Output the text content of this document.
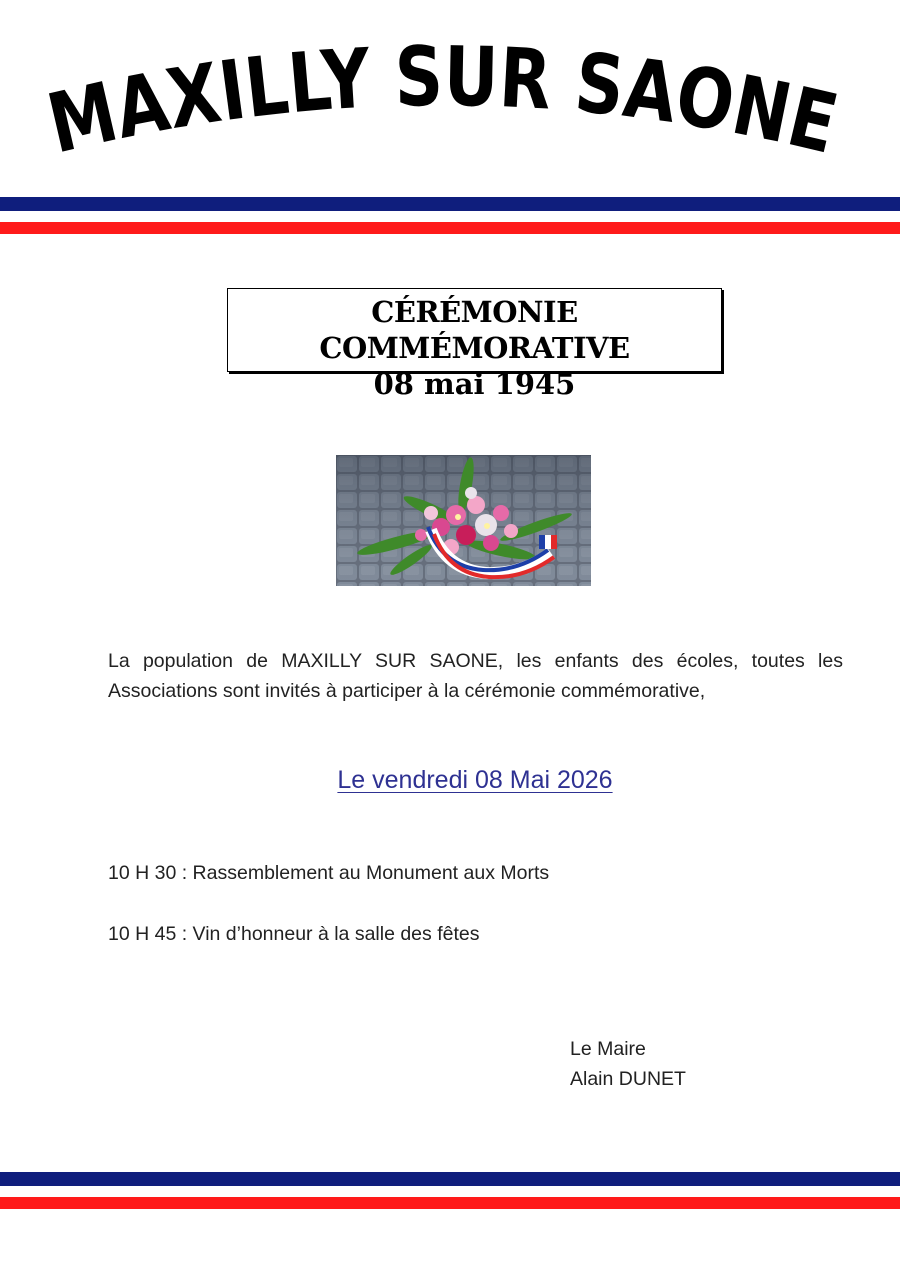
MAXILLY SUR SAONE
CÉRÉMONIE COMMÉMORATIVE
08 mai 1945
La population de MAXILLY SUR SAONE, les enfants des écoles, toutes les Associations sont invités à participer à la cérémonie commémorative,
Le vendredi 08 Mai 2026
10 H 30 : Rassemblement au Monument aux Morts
10 H 45 : Vin d’honneur à la salle des fêtes
Le Maire
Alain DUNET
